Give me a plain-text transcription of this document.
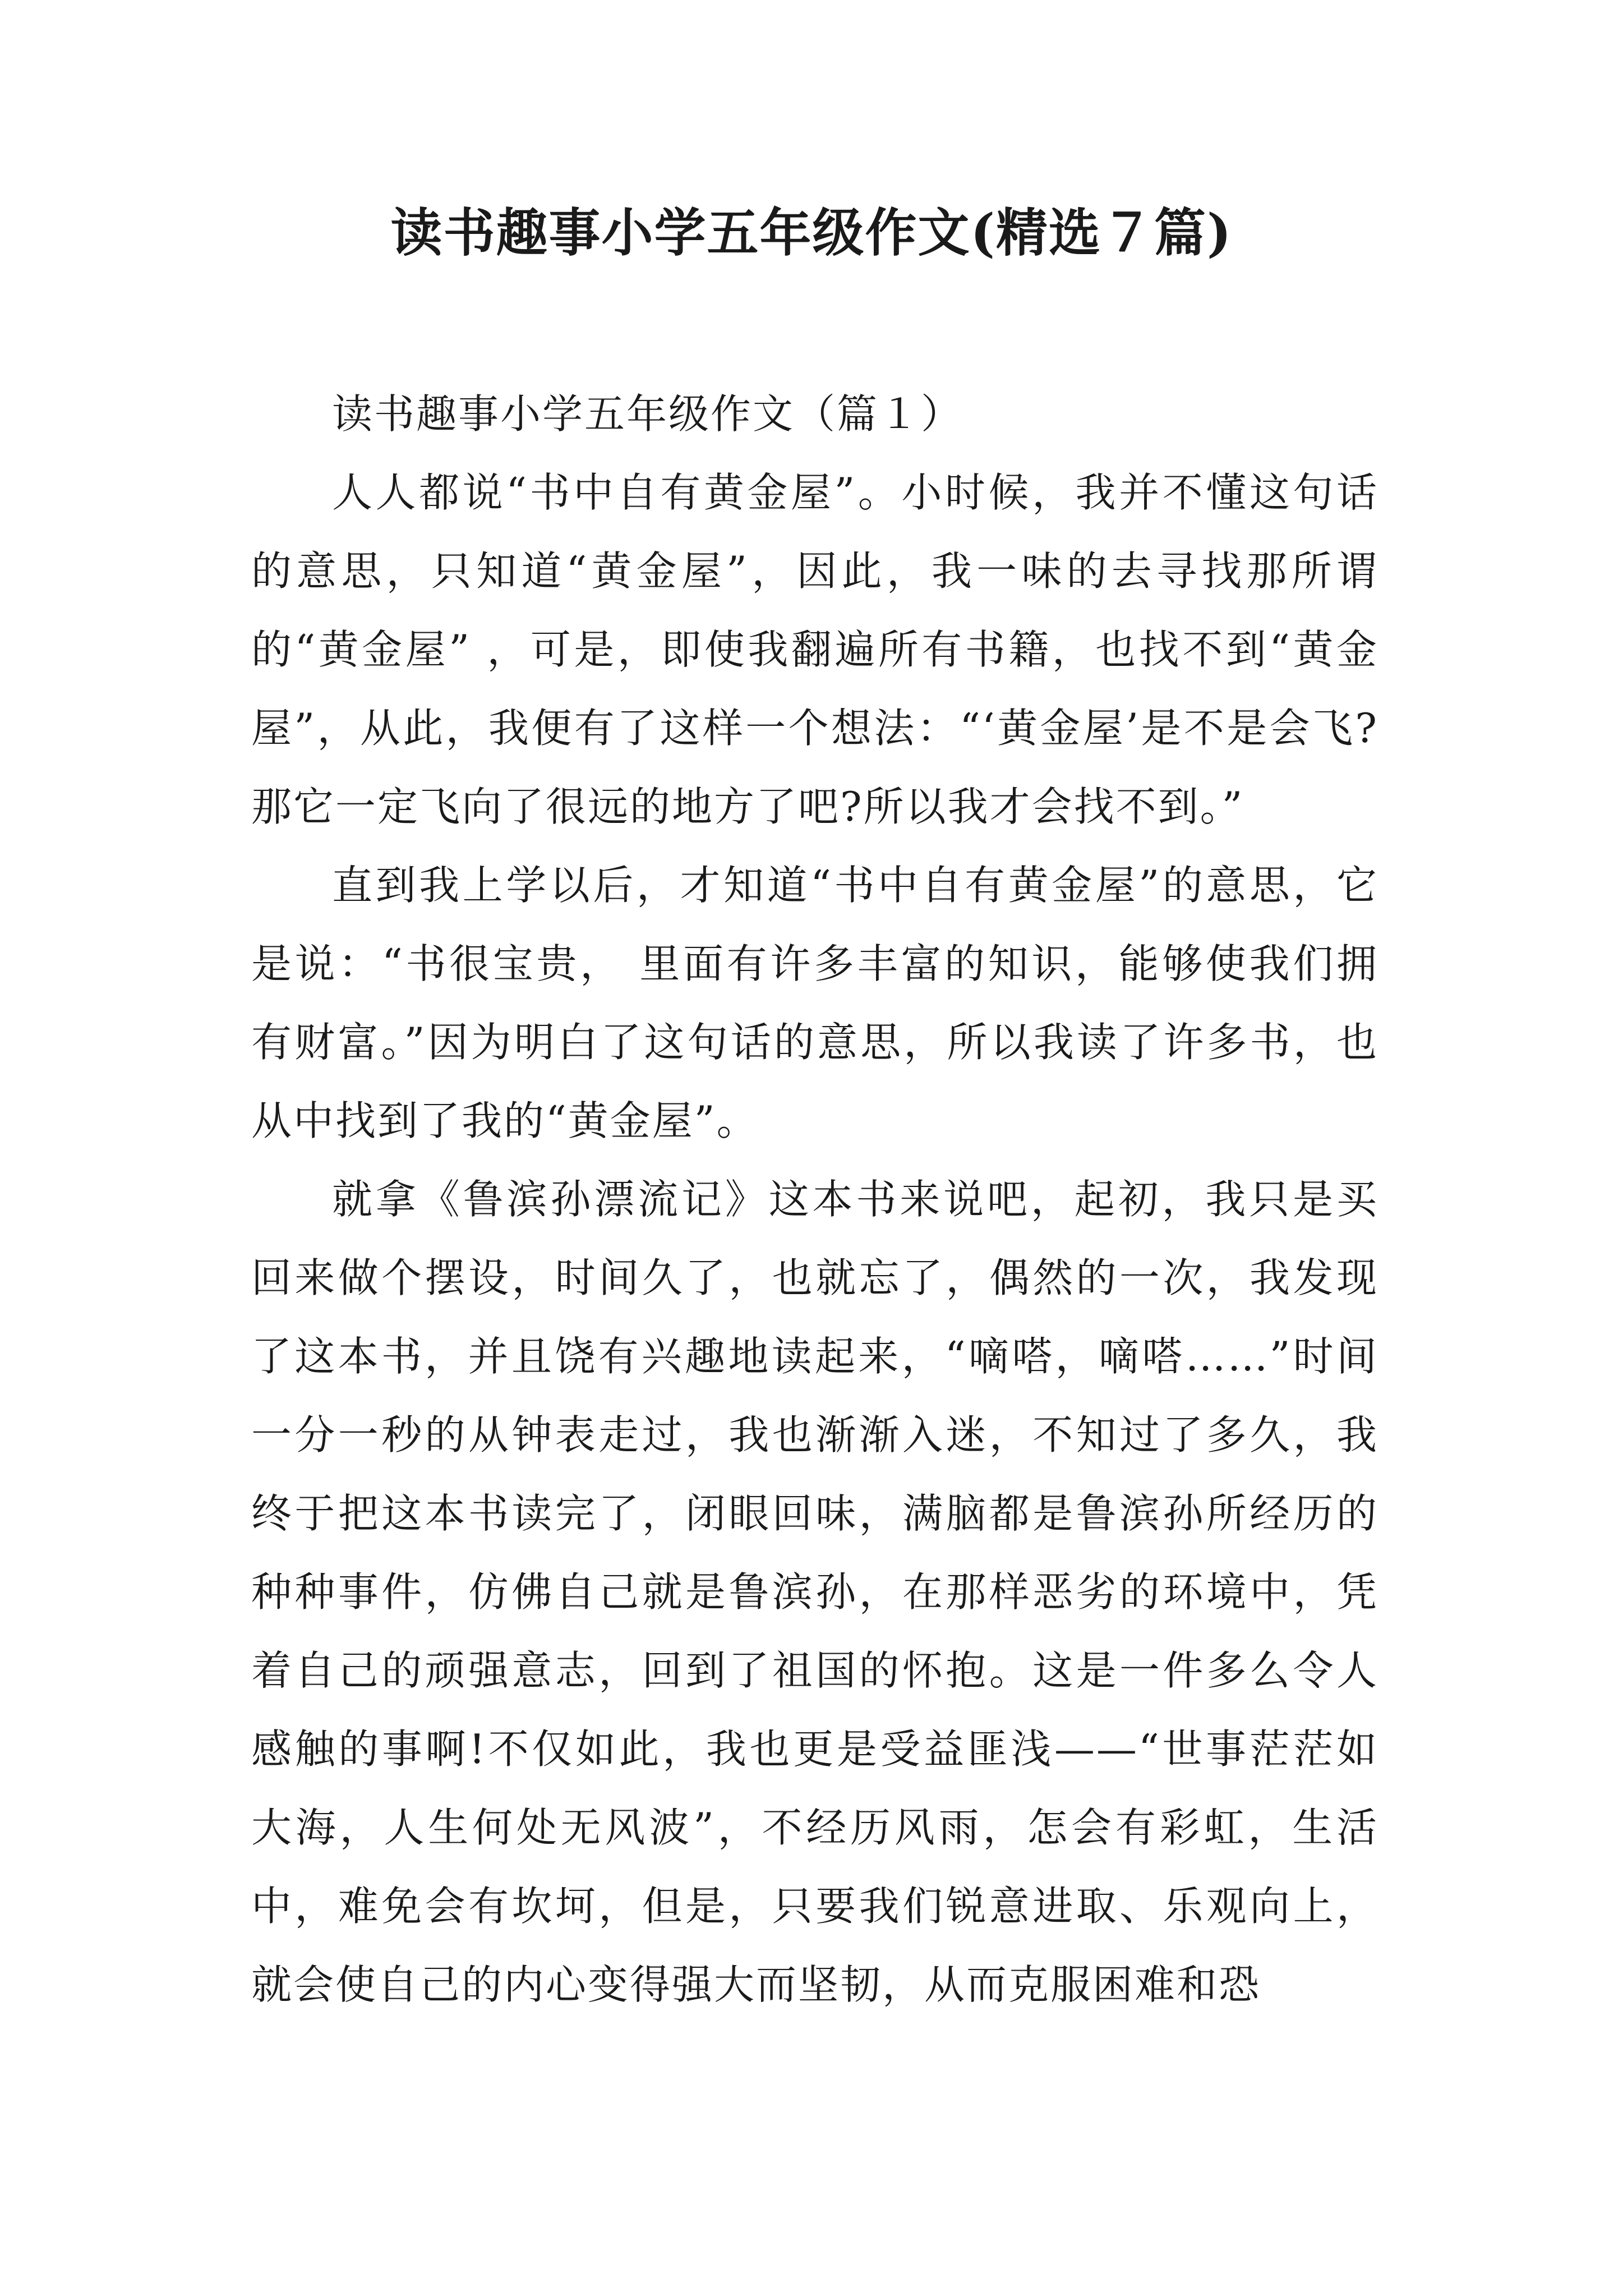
读书趣事小学五年级作文(精选７篇)
读书趣事小学五年级作文（篇１）

人人都说“书中自有黄金屋”。小时候，我并不懂这句话的意思，只知道“黄金屋”，因此，我一味的去寻找那所谓的“黄金屋” ，可是，即使我翻遍所有书籍，也找不到“黄金屋”，从此，我便有了这样一个想法：“‘黄金屋’是不是会飞?那它一定飞向了很远的地方了吧?所以我才会找不到。”

直到我上学以后，才知道“书中自有黄金屋”的意思，它是说：“书很宝贵， 里面有许多丰富的知识，能够使我们拥有财富。”因为明白了这句话的意思，所以我读了许多书，也从中找到了我的“黄金屋”。

就拿《鲁滨孙漂流记》这本书来说吧，起初，我只是买回来做个摆设，时间久了，也就忘了，偶然的一次，我发现了这本书，并且饶有兴趣地读起来，“嘀嗒，嘀嗒……”时间一分一秒的从钟表走过，我也渐渐入迷，不知过了多久，我终于把这本书读完了，闭眼回味，满脑都是鲁滨孙所经历的种种事件，仿佛自己就是鲁滨孙，在那样恶劣的环境中，凭着自己的顽强意志，回到了祖国的怀抱。这是一件多么令人感触的事啊!不仅如此，我也更是受益匪浅——“世事茫茫如大海，人生何处无风波”，不经历风雨，怎会有彩虹，生活中，难免会有坎坷，但是，只要我们锐意进取、乐观向上，就会使自己的内心变得强大而坚韧，从而克服困难和恐
